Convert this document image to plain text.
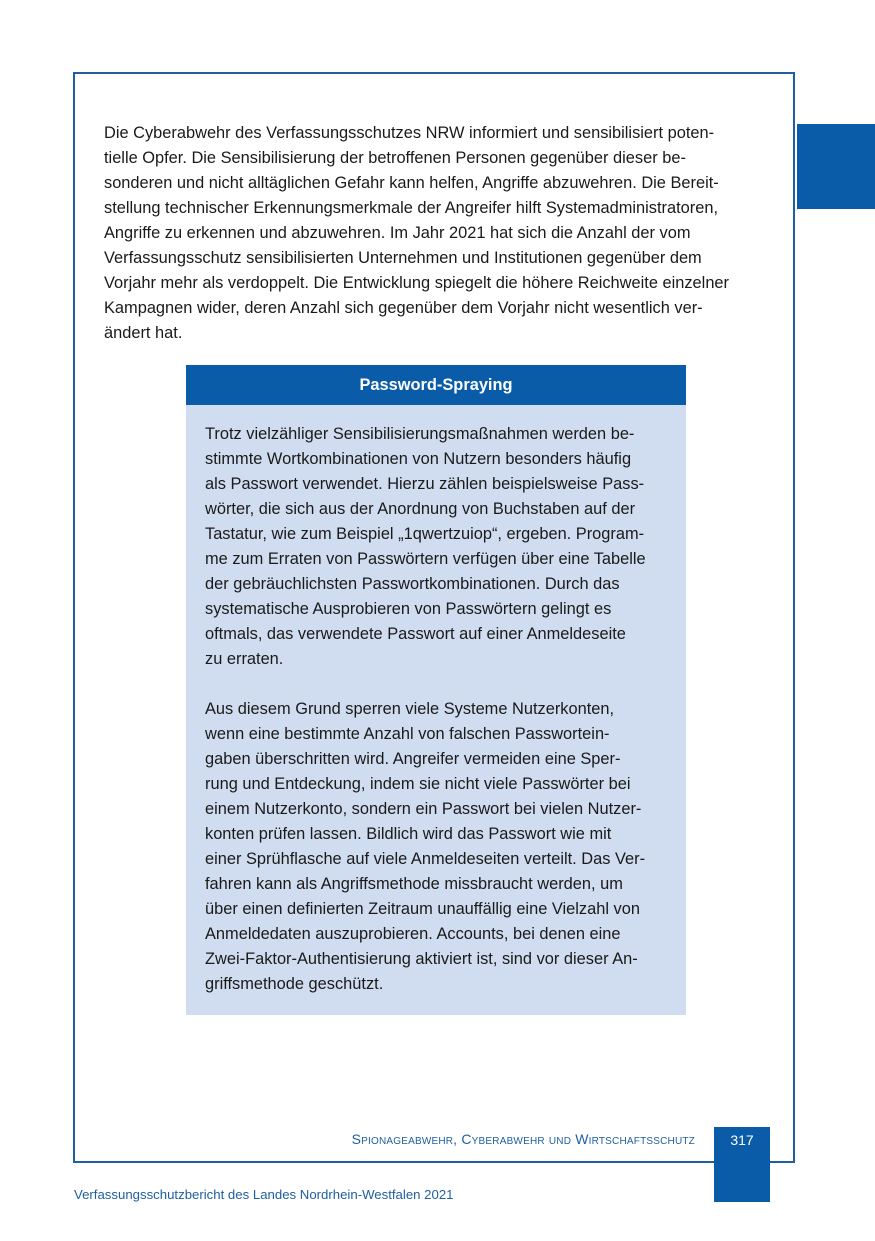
Die Cyberabwehr des Verfassungsschutzes NRW informiert und sensibilisiert poten-
tielle Opfer. Die Sensibilisierung der betroffenen Personen gegenüber dieser be-
sonderen und nicht alltäglichen Gefahr kann helfen, Angriffe abzuwehren. Die Bereit-
stellung technischer Erkennungsmerkmale der Angreifer hilft Systemadministratoren,
Angriffe zu erkennen und abzuwehren. Im Jahr 2021 hat sich die Anzahl der vom
Verfassungsschutz sensibilisierten Unternehmen und Institutionen gegenüber dem
Vorjahr mehr als verdoppelt. Die Entwicklung spiegelt die höhere Reichweite einzelner
Kampagnen wider, deren Anzahl sich gegenüber dem Vorjahr nicht wesentlich ver-
ändert hat.

Password-Spraying

Trotz vielzähliger Sensibilisierungsmaßnahmen werden be-
stimmte Wortkombinationen von Nutzern besonders häufig
als Passwort verwendet. Hierzu zählen beispielsweise Pass-
wörter, die sich aus der Anordnung von Buchstaben auf der
Tastatur, wie zum Beispiel „1qwertzuiop“, ergeben. Program-
me zum Erraten von Passwörtern verfügen über eine Tabelle
der gebräuchlichsten Passwortkombinationen. Durch das
systematische Ausprobieren von Passwörtern gelingt es
oftmals, das verwendete Passwort auf einer Anmeldeseite
zu erraten.

Aus diesem Grund sperren viele Systeme Nutzerkonten,
wenn eine bestimmte Anzahl von falschen Passwortein-
gaben überschritten wird. Angreifer vermeiden eine Sper-
rung und Entdeckung, indem sie nicht viele Passwörter bei
einem Nutzerkonto, sondern ein Passwort bei vielen Nutzer-
konten prüfen lassen. Bildlich wird das Passwort wie mit
einer Sprühflasche auf viele Anmeldeseiten verteilt. Das Ver-
fahren kann als Angriffsmethode missbraucht werden, um
über einen definierten Zeitraum unauffällig eine Vielzahl von
Anmeldedaten auszuprobieren. Accounts, bei denen eine
Zwei-Faktor-Authentisierung aktiviert ist, sind vor dieser An-
griffsmethode geschützt.

Spionageabwehr, Cyberabwehr und Wirtschaftsschutz	317
Verfassungsschutzbericht des Landes Nordrhein-Westfalen 2021
